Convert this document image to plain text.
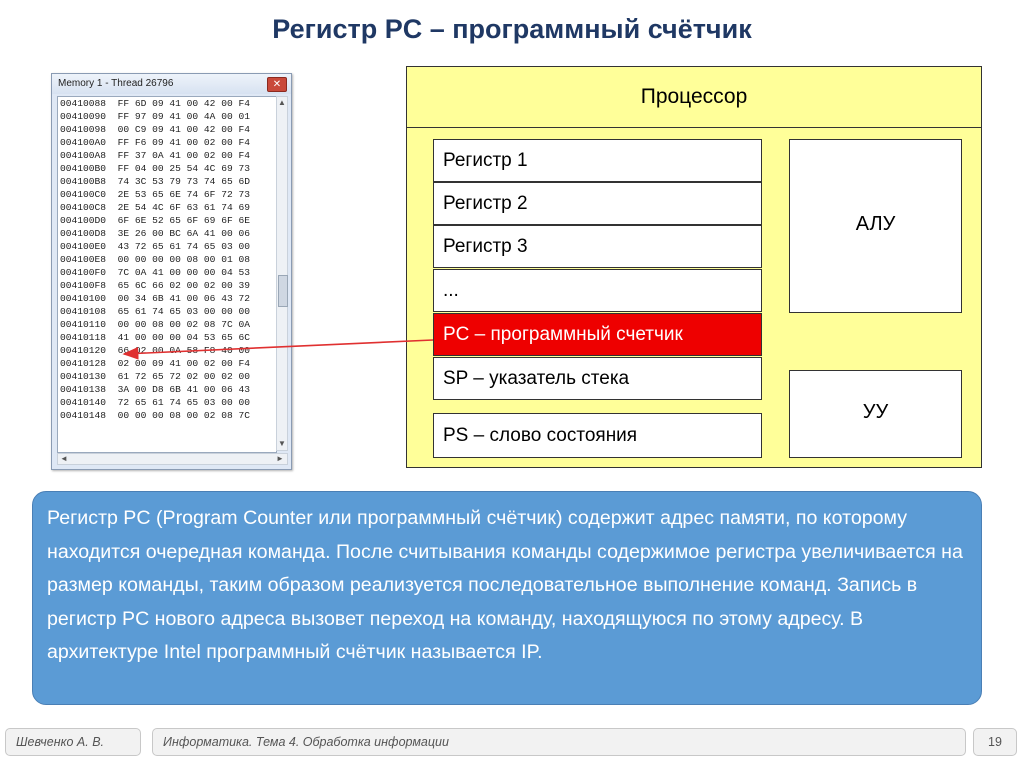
Регистр PC – программный счётчик
Memory 1 - Thread 26796	✕
00410088  FF 6D 09 41 00 42 00 F4
00410090  FF 97 09 41 00 4A 00 01
00410098  00 C9 09 41 00 42 00 F4
004100A0  FF F6 09 41 00 02 00 F4
004100A8  FF 37 0A 41 00 02 00 F4
004100B0  FF 04 00 25 54 4C 69 73
004100B8  74 3C 53 79 73 74 65 6D
004100C0  2E 53 65 6E 74 6F 72 73
004100C8  2E 54 4C 6F 63 61 74 69
004100D0  6F 6E 52 65 6F 69 6F 6E
004100D8  3E 26 00 BC 6A 41 00 06
004100E0  43 72 65 61 74 65 03 00
004100E8  00 00 00 00 08 00 01 08
004100F0  7C 0A 41 00 00 00 04 53
004100F8  65 6C 66 02 00 02 00 39
00410100  00 34 6B 41 00 06 43 72
00410108  65 61 74 65 03 00 00 00
00410110  00 00 08 00 02 08 7C 0A
00410118  41 00 00 00 04 53 65 6C
00410120  66 02 00 0A 58 F8 40 00
00410128  02 00 09 41 00 02 00 F4
00410130  61 72 65 72 02 00 02 00
00410138  3A 00 D8 6B 41 00 06 43
00410140  72 65 61 74 65 03 00 00
00410148  00 00 00 08 00 02 08 7C
▲
▼
◄	►
Процессор
Регистр 1
Регистр 2
Регистр 3
...
PC – программный счетчик
SP – указатель стека
PS – слово состояния
АЛУ
УУ
Регистр PC (Program Counter или программный счётчик) содержит адрес памяти, по которому находится очередная команда. После считывания команды содержимое регистра увеличивается на размер команды, таким образом реализуется последовательное выполнение команд. Запись в регистр PC нового адреса вызовет переход на команду, находящуюся по этому адресу. В архитектуре Intel программный счётчик называется IP.
Шевченко А. В.	Информатика. Тема 4. Обработка информации	19
